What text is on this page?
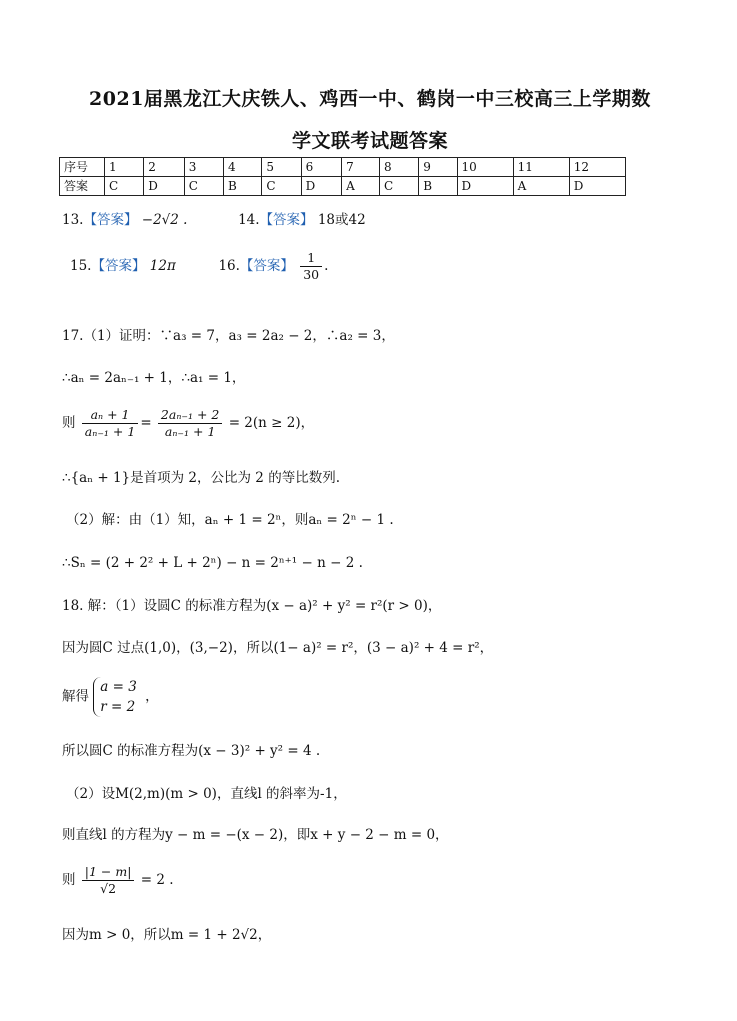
2021届黑龙江大庆铁人、鸡西一中、鹤岗一中三校高三上学期数
学文联考试题答案
序号	1	2	3	4	5	6	7	8	9	10	11	12
答案	C	D	C	B	C	D	A	C	B	D	A	D
13.【答案】 −2√2 .	14.【答案】 18或42
15.【答案】 12π	16.【答案】 $\frac{1}{30}$ .
17.（1）证明：∵a₃ = 7，a₃ = 2a₂ − 2，∴a₂ = 3，
∴aₙ = 2aₙ₋₁ + 1，∴a₁ = 1，
则 $\frac{\text{aₙ + 1}}{\text{aₙ₋₁ + 1}} = \frac{\text{2aₙ₋₁ + 2}}{\text{aₙ₋₁ + 1}} = 2(n \ge 2)$，
∴{aₙ + 1}是首项为 2，公比为 2 的等比数列.
（2）解：由（1）知，aₙ + 1 = 2ⁿ，则aₙ = 2ⁿ − 1 .
∴Sₙ = (2 + 2² + L + 2ⁿ) − n = 2ⁿ⁺¹ − n − 2 .
18. 解：（1）设圆C 的标准方程为(x − a)² + y² = r²(r > 0)，
因为圆C 过点(1,0)，(3,−2)，所以(1− a)² = r²，(3 − a)² + 4 = r²，
解得
a = 3
r = 2
，
所以圆C 的标准方程为(x − 3)² + y² = 4 .
（2）设M(2,m)(m > 0)，直线l 的斜率为-1，
则直线l 的方程为y − m = −(x − 2)，即x + y − 2 − m = 0，
则 $\frac{|1 - m|}{√2} = 2$ .
因为m > 0，所以m = 1 + 2√2，
